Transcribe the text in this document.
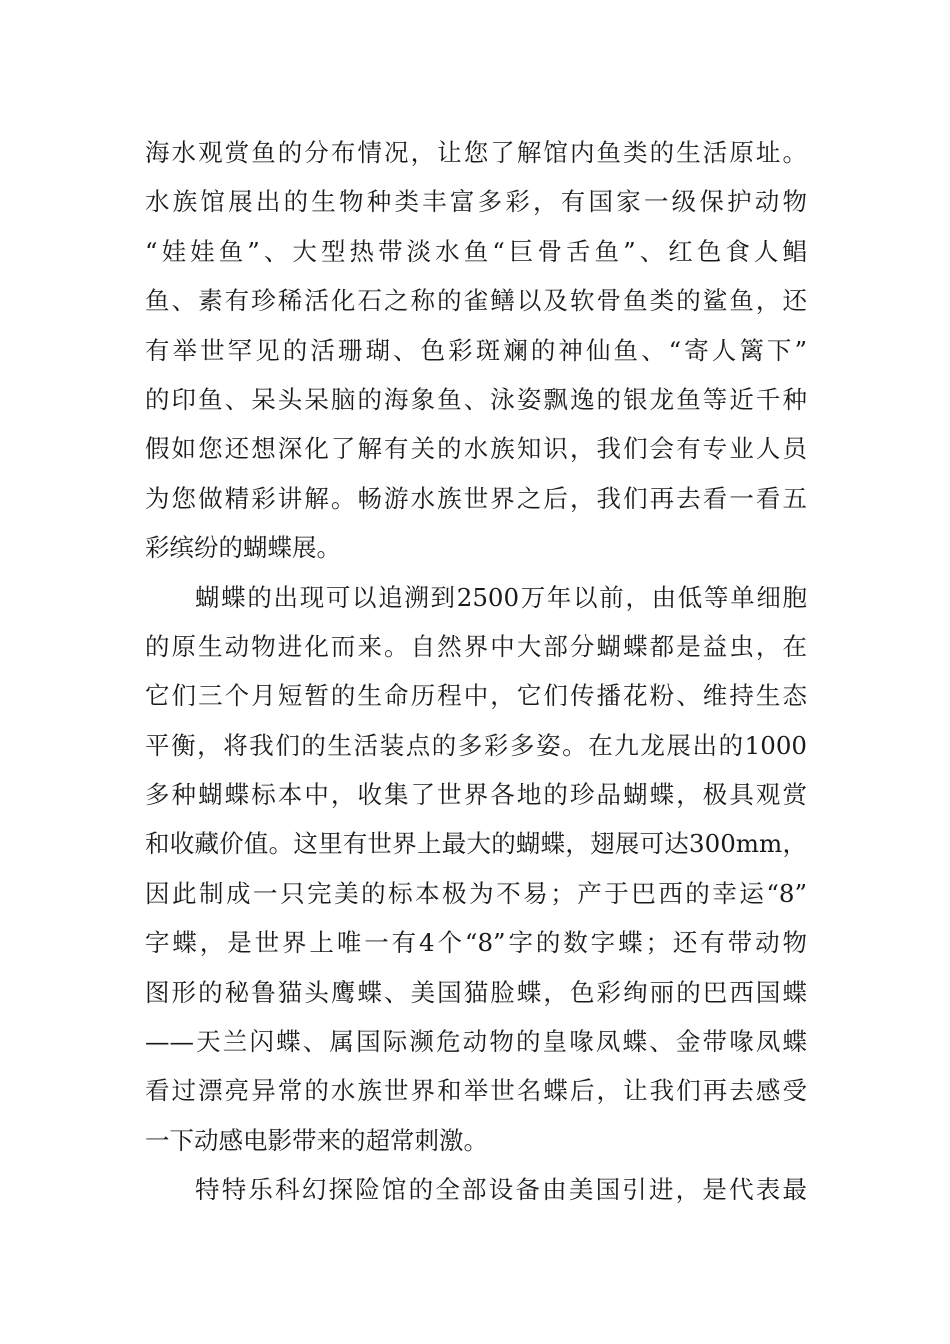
海水观赏鱼的分布情况，让您了解馆内鱼类的生活原址。
水族馆展出的生物种类丰富多彩，有国家一级保护动物
“娃娃鱼”、大型热带淡水鱼“巨骨舌鱼”、红色食人鲳
鱼、素有珍稀活化石之称的雀鳝以及软骨鱼类的鲨鱼，还
有举世罕见的活珊瑚、色彩斑斓的神仙鱼、“寄人篱下”
的印鱼、呆头呆脑的海象鱼、泳姿飘逸的银龙鱼等近千种
假如您还想深化了解有关的水族知识，我们会有专业人员
为您做精彩讲解。畅游水族世界之后，我们再去看一看五
彩缤纷的蝴蝶展。
蝴蝶的出现可以追溯到2500万年以前，由低等单细胞
的原生动物进化而来。自然界中大部分蝴蝶都是益虫，在
它们三个月短暂的生命历程中，它们传播花粉、维持生态
平衡，将我们的生活装点的多彩多姿。在九龙展出的1000
多种蝴蝶标本中，收集了世界各地的珍品蝴蝶，极具观赏
和收藏价值。这里有世界上最大的蝴蝶，翅展可达300mm，
因此制成一只完美的标本极为不易；产于巴西的幸运“8”
字蝶，是世界上唯一有4个“8”字的数字蝶；还有带动物
图形的秘鲁猫头鹰蝶、美国猫脸蝶，色彩绚丽的巴西国蝶
——天兰闪蝶、属国际濒危动物的皇喙凤蝶、金带喙凤蝶
看过漂亮异常的水族世界和举世名蝶后，让我们再去感受
一下动感电影带来的超常刺激。
特特乐科幻探险馆的全部设备由美国引进，是代表最
